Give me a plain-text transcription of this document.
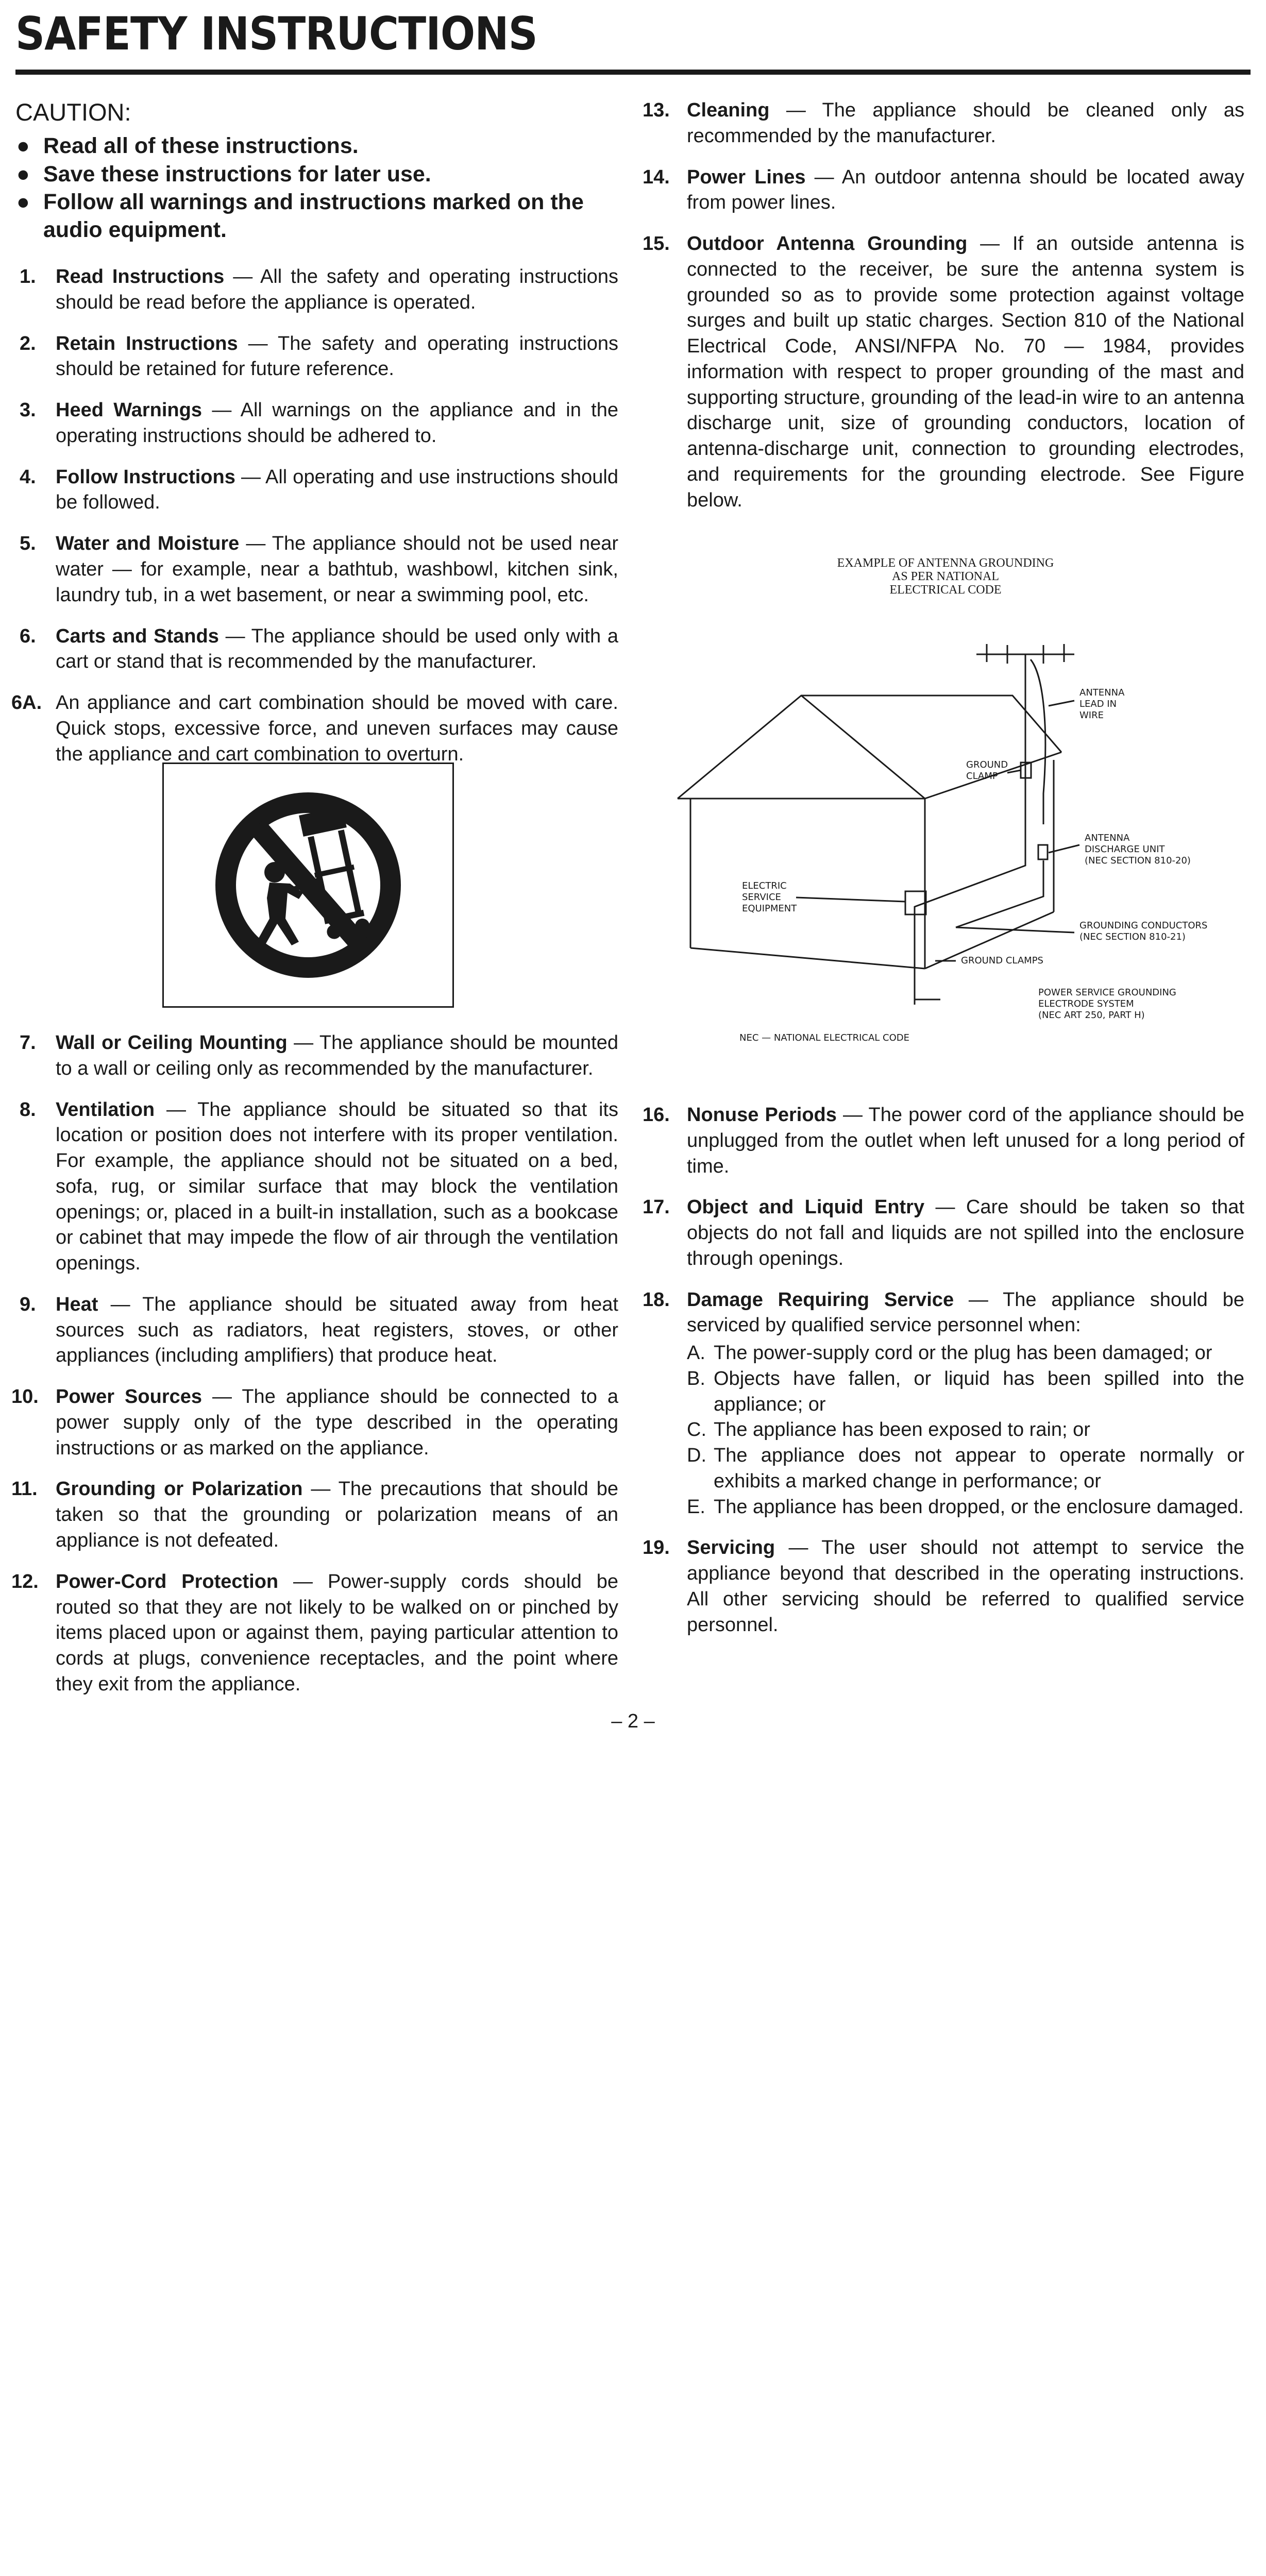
SAFETY INSTRUCTIONS
CAUTION:
● Read all of these instructions.
● Save these instructions for later use.
● Follow all warnings and instructions marked on the audio equipment.
1. Read Instructions — All the safety and operating instructions should be read before the appliance is operated.
2. Retain Instructions — The safety and operating instructions should be retained for future reference.
3. Heed Warnings — All warnings on the appliance and in the operating instructions should be adhered to.
4. Follow Instructions — All operating and use instructions should be followed.
5. Water and Moisture — The appliance should not be used near water — for example, near a bathtub, washbowl, kitchen sink, laundry tub, in a wet basement, or near a swimming pool, etc.
6. Carts and Stands — The appliance should be used only with a cart or stand that is recommended by the manufacturer.
6A. An appliance and cart combination should be moved with care. Quick stops, excessive force, and uneven surfaces may cause the appliance and cart combination to overturn.
7. Wall or Ceiling Mounting — The appliance should be mounted to a wall or ceiling only as recommended by the manufacturer.
8. Ventilation — The appliance should be situated so that its location or position does not interfere with its proper ventilation. For example, the appliance should not be situated on a bed, sofa, rug, or similar surface that may block the ventilation openings; or, placed in a built-in installation, such as a bookcase or cabinet that may impede the flow of air through the ventilation openings.
9. Heat — The appliance should be situated away from heat sources such as radiators, heat registers, stoves, or other appliances (including amplifiers) that produce heat.
10. Power Sources — The appliance should be connected to a power supply only of the type described in the operating instructions or as marked on the appliance.
11. Grounding or Polarization — The precautions that should be taken so that the grounding or polarization means of an appliance is not defeated.
12. Power-Cord Protection — Power-supply cords should be routed so that they are not likely to be walked on or pinched by items placed upon or against them, paying particular attention to cords at plugs, convenience receptacles, and the point where they exit from the appliance.
13. Cleaning — The appliance should be cleaned only as recommended by the manufacturer.
14. Power Lines — An outdoor antenna should be located away from power lines.
15. Outdoor Antenna Grounding — If an outside antenna is connected to the receiver, be sure the antenna system is grounded so as to provide some protection against voltage surges and built up static charges. Section 810 of the National Electrical Code, ANSI/NFPA No. 70 — 1984, provides information with respect to proper grounding of the mast and supporting structure, grounding of the lead-in wire to an antenna discharge unit, size of grounding conductors, location of antenna-discharge unit, connection to grounding electrodes, and requirements for the grounding electrode. See Figure below.
EXAMPLE OF ANTENNA GROUNDING
AS PER NATIONAL
ELECTRICAL CODE
ANTENNA
LEAD IN
WIRE
GROUND
CLAMP
ANTENNA
DISCHARGE UNIT
(NEC SECTION 810-20)
ELECTRIC
SERVICE
EQUIPMENT
GROUNDING CONDUCTORS
(NEC SECTION 810-21)
GROUND CLAMPS
POWER SERVICE GROUNDING
ELECTRODE SYSTEM
(NEC ART 250, PART H)
NEC — NATIONAL ELECTRICAL CODE
16. Nonuse Periods — The power cord of the appliance should be unplugged from the outlet when left unused for a long period of time.
17. Object and Liquid Entry — Care should be taken so that objects do not fall and liquids are not spilled into the enclosure through openings.
18. Damage Requiring Service — The appliance should be serviced by qualified service personnel when:
A. The power-supply cord or the plug has been damaged; or
B. Objects have fallen, or liquid has been spilled into the appliance; or
C. The appliance has been exposed to rain; or
D. The appliance does not appear to operate normally or exhibits a marked change in performance; or
E. The appliance has been dropped, or the enclosure damaged.
19. Servicing — The user should not attempt to service the appliance beyond that described in the operating instructions. All other servicing should be referred to qualified service personnel.
– 2 –
